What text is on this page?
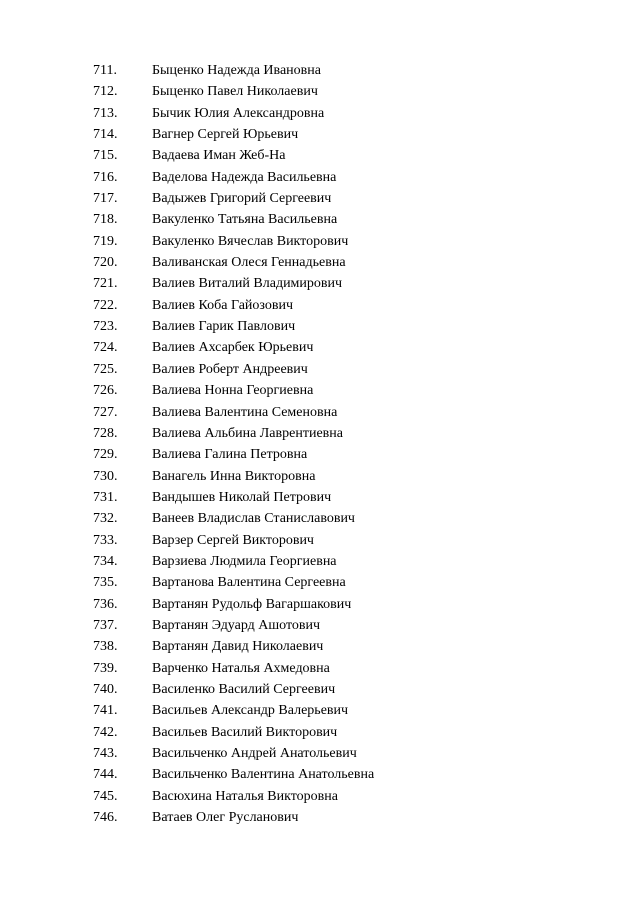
711.	Быценко Надежда Ивановна
712. Быценко Павел Николаевич
713. Бычик Юлия Александровна
714. Вагнер Сергей Юрьевич
715. Вадаева Иман Жеб-На
716. Вaделова Надежда Васильевна
717. Вадыжев Григорий Сергеевич
718. Вакуленко Татьяна Васильевна
719. Вакуленко Вячеслав Викторович
720. Валиванская Олеся Геннадьевна
721. Валиев Виталий Владимирович
722. Валиев Коба Гайозович
723. Валиев Гарик Павлович
724. Валиев Ахсарбек Юрьевич
725. Валиев Роберт Андреевич
726. Валиева Нонна Георгиевна
727. Валиева Валентина Семеновна
728. Валиева Альбина Лаврентиевна
729. Валиева Галина Петровна
730. Ванагель Инна Викторовна
731. Вандышев Николай Петрович
732. Ванеев Владислав Станиславович
733. Варзер Сергей Викторович
734. Варзиева Людмила Георгиевна
735. Вартанова Валентина Сергеевна
736. Вартанян Рудольф Вагаршакович
737. Вартанян Эдуард Ашотович
738. Вартанян Давид Николаевич
739. Варченко Наталья Ахмедовна
740. Василенко Василий Сергеевич
741. Васильев Александр Валерьевич
742. Васильев Василий Викторович
743. Васильченко Андрей Анатольевич
744. Васильченко Валентина Анатольевна
745. Васюхина Наталья Викторовна
746. Ватаев Олег Русланович
